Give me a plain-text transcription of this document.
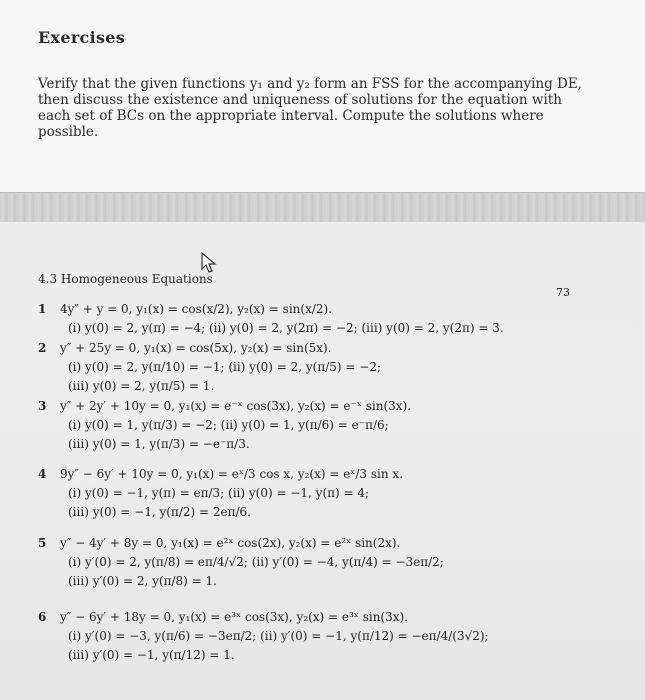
Exercises
Verify that the given functions y₁ and y₂ form an FSS for the accompanying DE, then discuss the existence and uniqueness of solutions for the equation with each set of BCs on the appropriate interval. Compute the solutions where possible.
4.3 Homogeneous Equations
73
1	4y″ + y = 0, y₁(x) = cos(x/2), y₂(x) = sin(x/2).
(i) y(0) = 2, y(π) = −4; (ii) y(0) = 2, y(2π) = −2; (iii) y(0) = 2, y(2π) = 3.
2	y″ + 25y = 0, y₁(x) = cos(5x), y₂(x) = sin(5x).
(i) y(0) = 2, y(π/10) = −1; (ii) y(0) = 2, y(π/5) = −2;
(iii) y(0) = 2, y(π/5) = 1.
3	y″ + 2y′ + 10y = 0, y₁(x) = e⁻ˣ cos(3x), y₂(x) = e⁻ˣ sin(3x).
(i) y(0) = 1, y(π/3) = −2; (ii) y(0) = 1, y(π/6) = e⁻π/6;
(iii) y(0) = 1, y(π/3) = −e⁻π/3.
4	9y″ − 6y′ + 10y = 0, y₁(x) = eˣ/3 cos x, y₂(x) = eˣ/3 sin x.
(i) y(0) = −1, y(π) = eπ/3; (ii) y(0) = −1, y(π) = 4;
(iii) y(0) = −1, y(π/2) = 2eπ/6.
5	y″ − 4y′ + 8y = 0, y₁(x) = e²ˣ cos(2x), y₂(x) = e²ˣ sin(2x).
(i) y′(0) = 2, y(π/8) = eπ/4/√2; (ii) y′(0) = −4, y(π/4) = −3eπ/2;
(iii) y′(0) = 2, y(π/8) = 1.
6	y″ − 6y′ + 18y = 0, y₁(x) = e³ˣ cos(3x), y₂(x) = e³ˣ sin(3x).
(i) y′(0) = −3, y(π/6) = −3eπ/2; (ii) y′(0) = −1, y(π/12) = −eπ/4/(3√2);
(iii) y′(0) = −1, y(π/12) = 1.
